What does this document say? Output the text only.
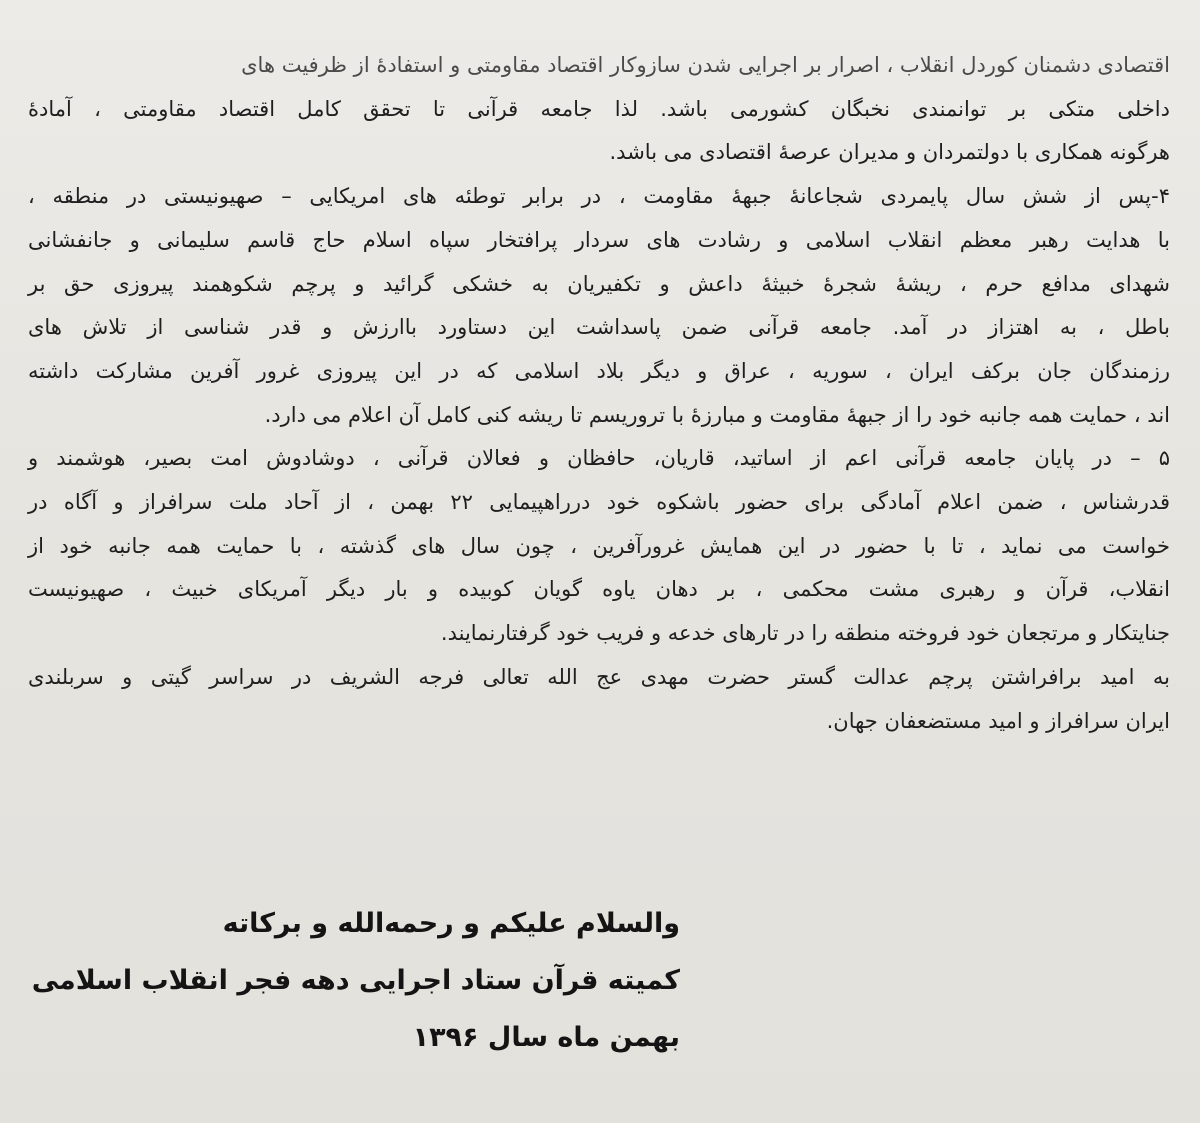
اقتصادی دشمنان کوردل انقلاب ، اصرار بر اجرایی شدن سازوکار اقتصاد مقاومتی و استفادهٔ از ظرفیت های
داخلی متکی بر توانمندی نخبگان کشورمی باشد. لذا جامعه قرآنی تا تحقق کامل اقتصاد مقاومتی ، آمادهٔ
هرگونه همکاری با دولتمردان و مدیران عرصهٔ اقتصادی می باشد.
۴-پس از شش سال پایمردی شجاعانهٔ جبههٔ مقاومت ، در برابر توطئه های امریکایی – صهیونیستی در منطقه ،
با هدایت رهبر معظم انقلاب اسلامی و رشادت های سردار پرافتخار سپاه اسلام حاج قاسم سلیمانی و جانفشانی
شهدای مدافع حرم ، ریشهٔ شجرهٔ خبیثهٔ داعش و تکفیریان به خشکی گرائید و پرچم شکوهمند پیروزی حق بر
باطل ، به اهتزاز در آمد. جامعه قرآنی ضمن پاسداشت این دستاورد باارزش و قدر شناسی از تلاش های
رزمندگان جان برکف ایران ، سوریه ، عراق و دیگر بلاد اسلامی که در این پیروزی غرور آفرین مشارکت داشته
اند ، حمایت همه جانبه خود را از جبههٔ مقاومت و مبارزهٔ با تروریسم تا ریشه کنی کامل آن اعلام می دارد.
۵ – در پایان جامعه قرآنی اعم از اساتید، قاریان، حافظان و فعالان قرآنی ، دوشادوش امت بصیر، هوشمند و
قدرشناس ، ضمن اعلام آمادگی برای حضور باشکوه خود درراهپیمایی ۲۲ بهمن ، از آحاد ملت سرافراز و آگاه در
خواست می نماید ، تا با حضور در این همایش غرورآفرین ، چون سال های گذشته ، با حمایت همه جانبه خود از
انقلاب، قرآن و رهبری مشت محکمی ، بر دهان یاوه گویان کوبیده و بار دیگر آمریکای خبیث ، صهیونیست
جنایتکار و مرتجعان خود فروخته منطقه را در تارهای خدعه و فریب خود گرفتارنمایند.
به امید برافراشتن پرچم عدالت گستر حضرت مهدی عج الله تعالی فرجه الشریف در سراسر گیتی و سربلندی
ایران سرافراز و امید مستضعفان جهان.
والسلام علیکم و رحمه‌الله و برکاته
کمیته قرآن ستاد اجرایی دهه فجر انقلاب اسلامی
بهمن ماه سال ۱۳۹۶
